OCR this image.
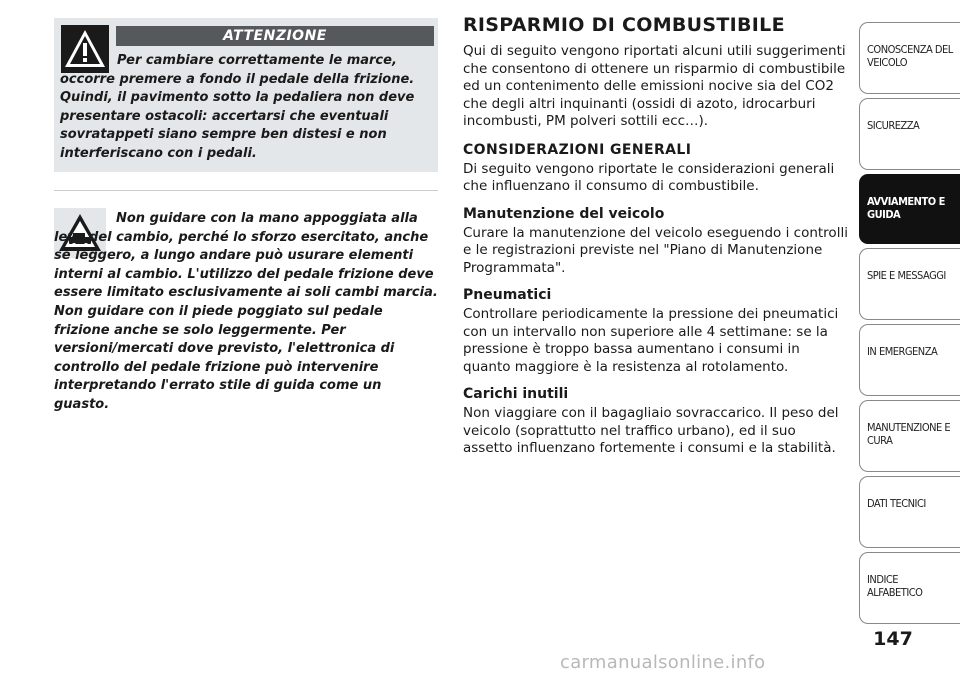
ATTENZIONE

Per cambiare correttamente le marce, occorre premere a fondo il pedale della frizione. Quindi, il pavimento sotto la pedaliera non deve presentare ostacoli: accertarsi che eventuali sovratappeti siano sempre ben distesi e non interferiscano con i pedali.

Non guidare con la mano appoggiata alla leva del cambio, perché lo sforzo esercitato, anche se leggero, a lungo andare può usurare elementi interni al cambio. L'utilizzo del pedale frizione deve essere limitato esclusivamente ai soli cambi marcia. Non guidare con il piede poggiato sul pedale frizione anche se solo leggermente. Per versioni/mercati dove previsto, l'elettronica di controllo del pedale frizione può intervenire interpretando l'errato stile di guida come un guasto.

RISPARMIO DI COMBUSTIBILE

Qui di seguito vengono riportati alcuni utili suggerimenti che consentono di ottenere un risparmio di combustibile ed un contenimento delle emissioni nocive sia del CO2 che degli altri inquinanti (ossidi di azoto, idrocarburi incombusti, PM polveri sottili ecc…).

CONSIDERAZIONI GENERALI

Di seguito vengono riportate le considerazioni generali che influenzano il consumo di combustibile.

Manutenzione del veicolo

Curare la manutenzione del veicolo eseguendo i controlli e le registrazioni previste nel "Piano di Manutenzione Programmata".

Pneumatici

Controllare periodicamente la pressione dei pneumatici con un intervallo non superiore alle 4 settimane: se la pressione è troppo bassa aumentano i consumi in quanto maggiore è la resistenza al rotolamento.

Carichi inutili

Non viaggiare con il bagagliaio sovraccarico. Il peso del veicolo (soprattutto nel traffico urbano), ed il suo assetto influenzano fortemente i consumi e la stabilità.

CONOSCENZA DEL VEICOLO
SICUREZZA
AVVIAMENTO E GUIDA
SPIE E MESSAGGI
IN EMERGENZA
MANUTENZIONE E CURA
DATI TECNICI
INDICE ALFABETICO
147
carmanualsonline.info
